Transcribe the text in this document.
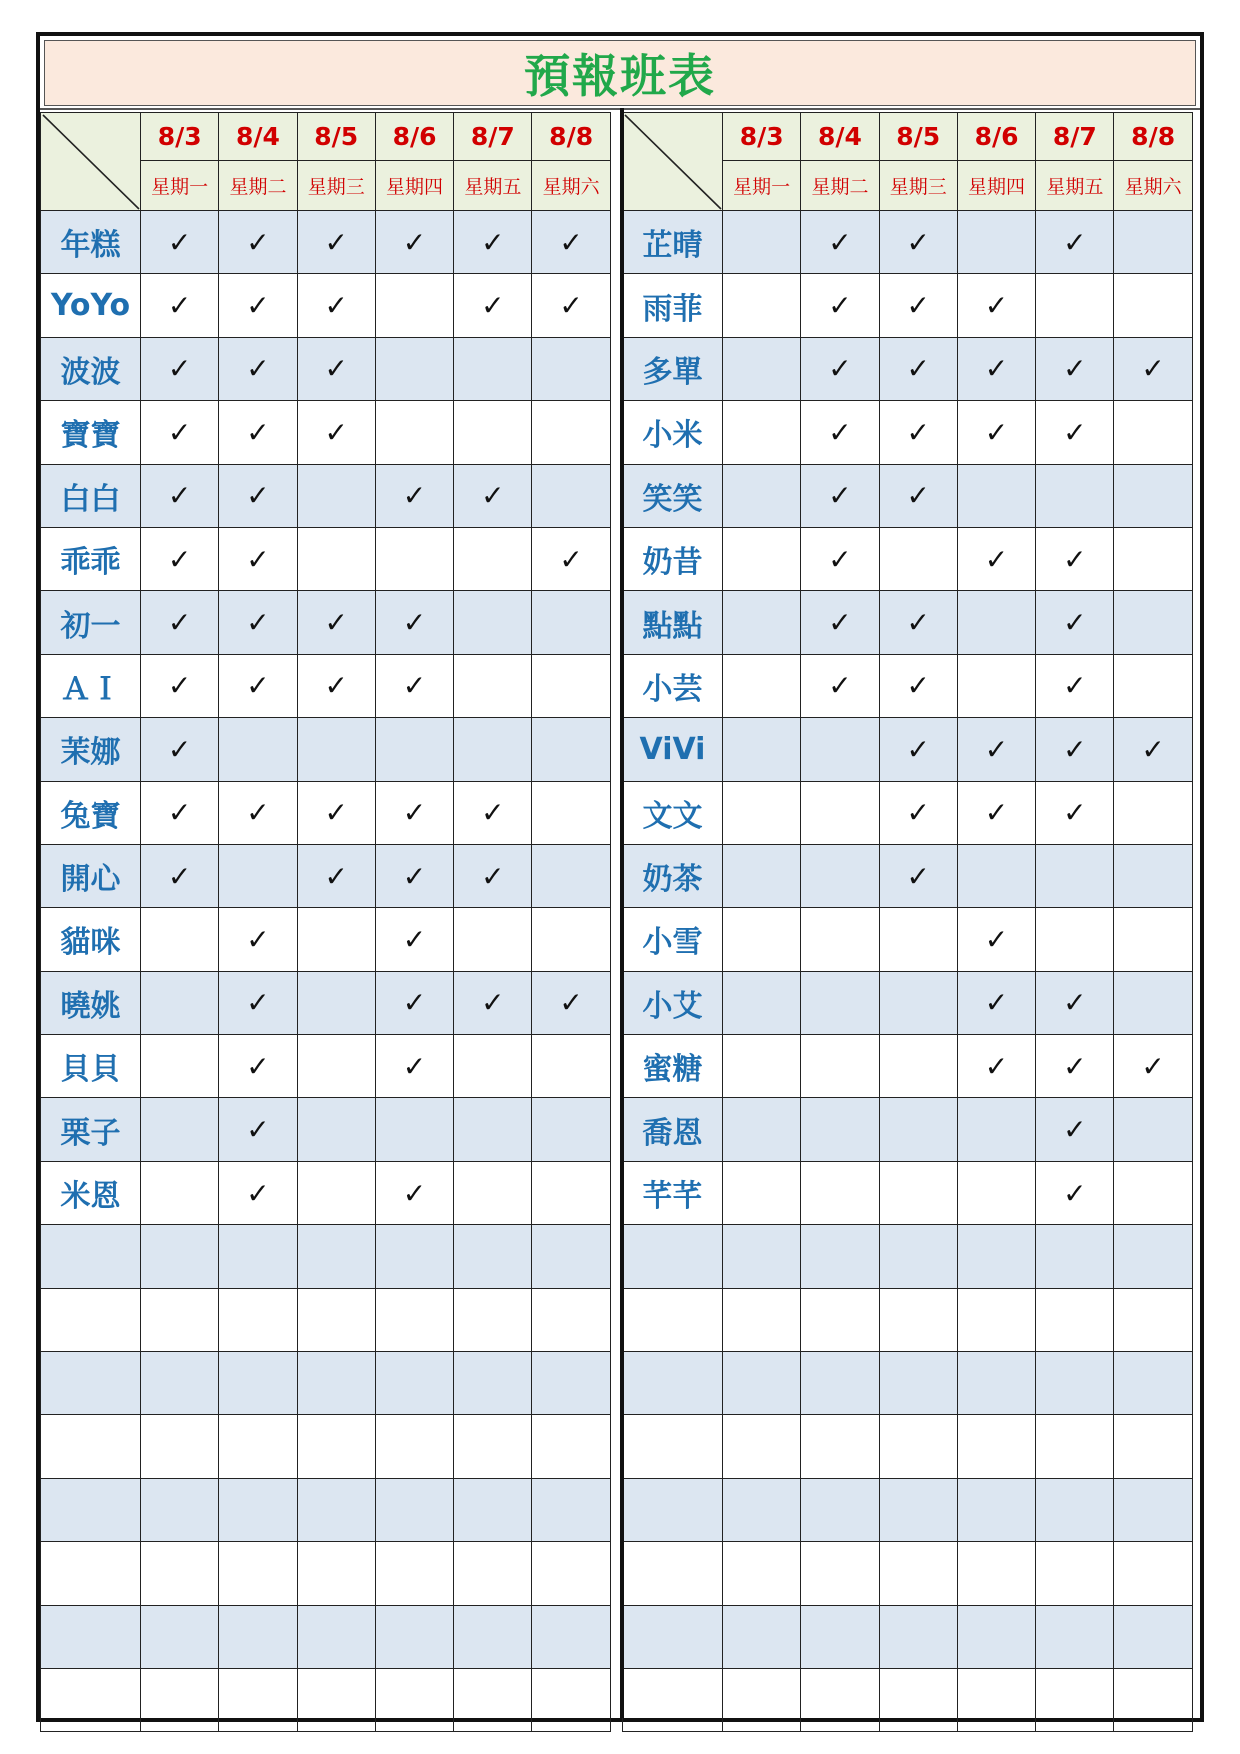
預報班表
	8/3	8/4	8/5	8/6	8/7	8/8
	星期一	星期二	星期三	星期四	星期五	星期六
年糕	✓	✓	✓	✓	✓	✓
YoYo	✓	✓	✓		✓	✓
波波	✓	✓	✓			
寶寶	✓	✓	✓			
白白	✓	✓		✓	✓	
乖乖	✓	✓				✓
初一	✓	✓	✓	✓		
ＡＩ	✓	✓	✓	✓		
茉娜	✓					
兔寶	✓	✓	✓	✓	✓	
開心	✓		✓	✓	✓	
貓咪		✓		✓		
曉姚		✓		✓	✓	✓
貝貝		✓		✓		
栗子		✓				
米恩		✓		✓		

	8/3	8/4	8/5	8/6	8/7	8/8
	星期一	星期二	星期三	星期四	星期五	星期六
芷晴		✓	✓		✓	
雨菲		✓	✓	✓		
多單		✓	✓	✓	✓	✓
小米		✓	✓	✓	✓	
笑笑		✓	✓			
奶昔		✓		✓	✓	
點點		✓	✓		✓	
小芸		✓	✓		✓	
ViVi			✓	✓	✓	✓
文文			✓	✓	✓	
奶茶			✓			
小雪				✓		
小艾				✓	✓	
蜜糖				✓	✓	✓
喬恩					✓	
芊芊					✓	
